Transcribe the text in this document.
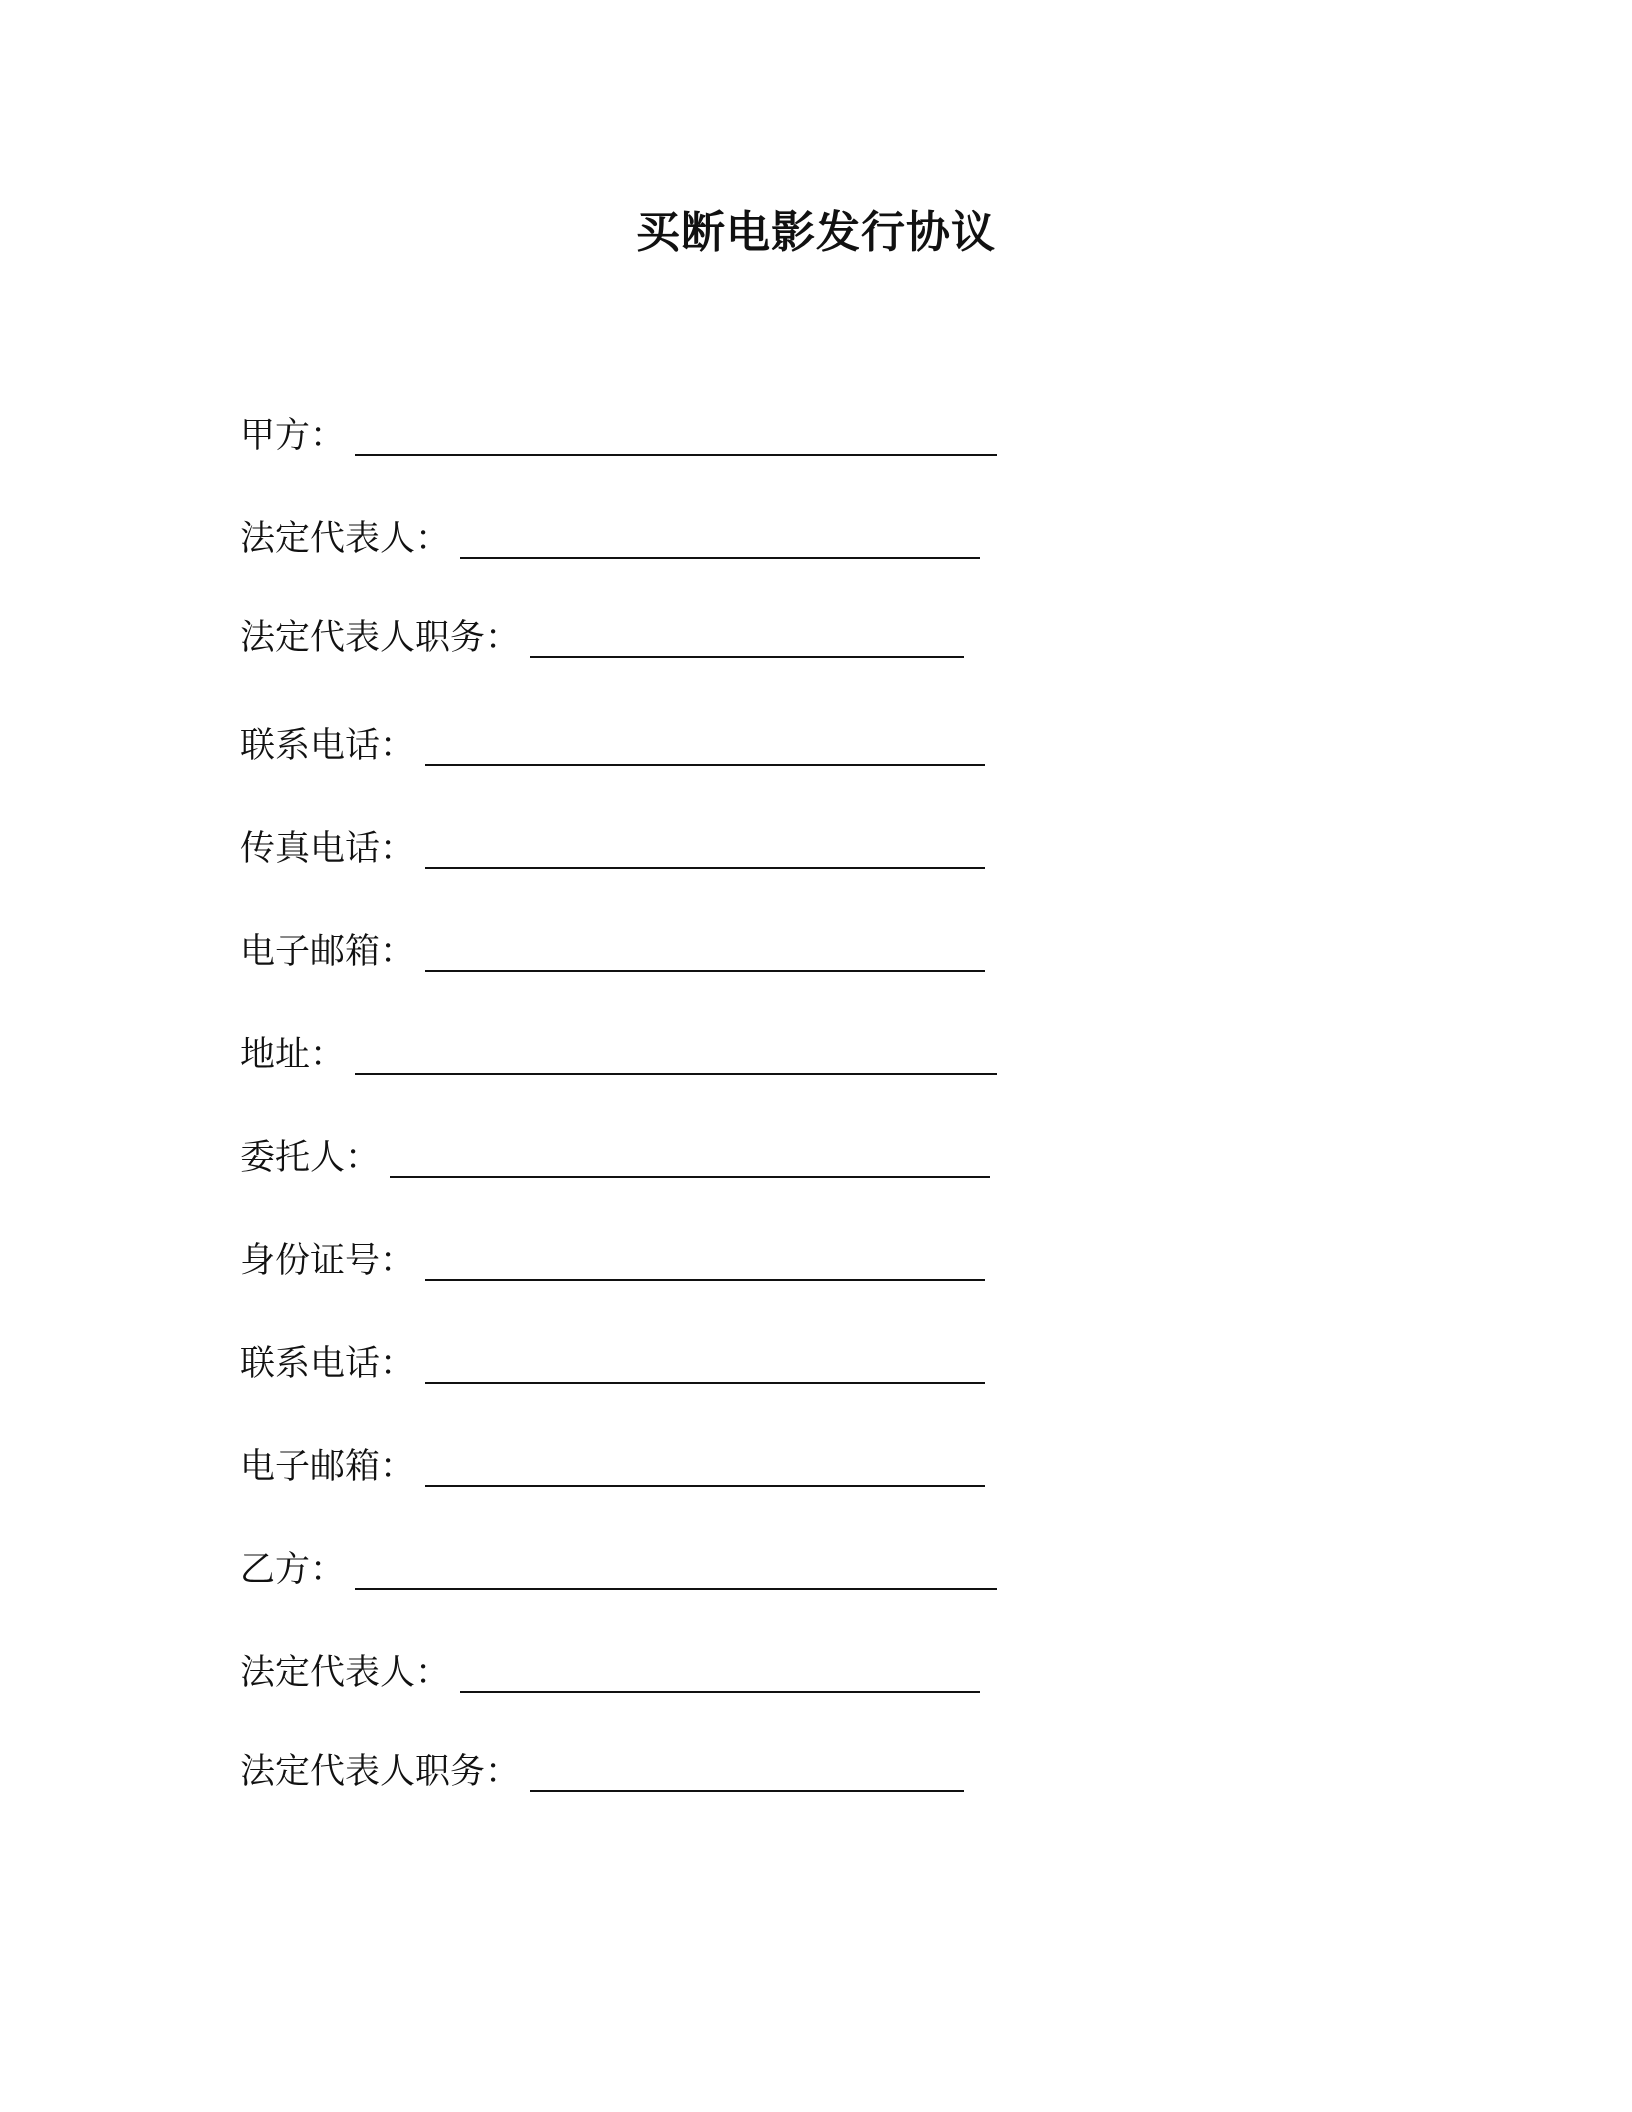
买断电影发行协议
甲方：
法定代表人：
法定代表人职务：
联系电话：
传真电话：
电子邮箱：
地址：
委托人：
身份证号：
联系电话：
电子邮箱：
乙方：
法定代表人：
法定代表人职务：
